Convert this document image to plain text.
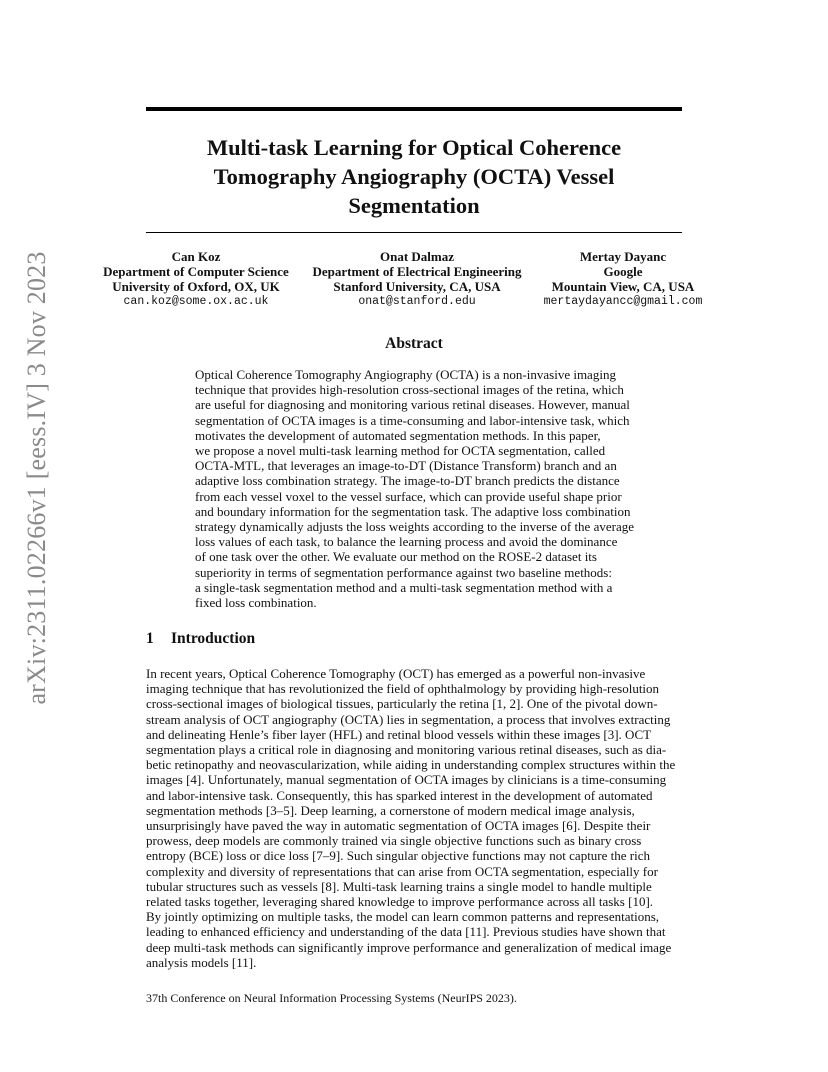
arXiv:2311.02266v1 [eess.IV] 3 Nov 2023
Multi-task Learning for Optical Coherence
Tomography Angiography (OCTA) Vessel
Segmentation
Can Koz
Department of Computer Science
University of Oxford, OX, UK
can.koz@some.ox.ac.uk
Onat Dalmaz
Department of Electrical Engineering
Stanford University, CA, USA
onat@stanford.edu
Mertay Dayanc
Google
Mountain View, CA, USA
mertaydayancc@gmail.com
Abstract
Optical Coherence Tomography Angiography (OCTA) is a non-invasive imaging
technique that provides high-resolution cross-sectional images of the retina, which
are useful for diagnosing and monitoring various retinal diseases. However, manual
segmentation of OCTA images is a time-consuming and labor-intensive task, which
motivates the development of automated segmentation methods. In this paper,
we propose a novel multi-task learning method for OCTA segmentation, called
OCTA-MTL, that leverages an image-to-DT (Distance Transform) branch and an
adaptive loss combination strategy. The image-to-DT branch predicts the distance
from each vessel voxel to the vessel surface, which can provide useful shape prior
and boundary information for the segmentation task. The adaptive loss combination
strategy dynamically adjusts the loss weights according to the inverse of the average
loss values of each task, to balance the learning process and avoid the dominance
of one task over the other. We evaluate our method on the ROSE-2 dataset its
superiority in terms of segmentation performance against two baseline methods:
a single-task segmentation method and a multi-task segmentation method with a
fixed loss combination.
1 Introduction
In recent years, Optical Coherence Tomography (OCT) has emerged as a powerful non-invasive
imaging technique that has revolutionized the field of ophthalmology by providing high-resolution
cross-sectional images of biological tissues, particularly the retina [1, 2]. One of the pivotal down-
stream analysis of OCT angiography (OCTA) lies in segmentation, a process that involves extracting
and delineating Henle’s fiber layer (HFL) and retinal blood vessels within these images [3]. OCT
segmentation plays a critical role in diagnosing and monitoring various retinal diseases, such as dia-
betic retinopathy and neovascularization, while aiding in understanding complex structures within the
images [4]. Unfortunately, manual segmentation of OCTA images by clinicians is a time-consuming
and labor-intensive task. Consequently, this has sparked interest in the development of automated
segmentation methods [3–5]. Deep learning, a cornerstone of modern medical image analysis,
unsurprisingly have paved the way in automatic segmentation of OCTA images [6]. Despite their
prowess, deep models are commonly trained via single objective functions such as binary cross
entropy (BCE) loss or dice loss [7–9]. Such singular objective functions may not capture the rich
complexity and diversity of representations that can arise from OCTA segmentation, especially for
tubular structures such as vessels [8]. Multi-task learning trains a single model to handle multiple
related tasks together, leveraging shared knowledge to improve performance across all tasks [10].
By jointly optimizing on multiple tasks, the model can learn common patterns and representations,
leading to enhanced efficiency and understanding of the data [11]. Previous studies have shown that
deep multi-task methods can significantly improve performance and generalization of medical image
analysis models [11].
37th Conference on Neural Information Processing Systems (NeurIPS 2023).
